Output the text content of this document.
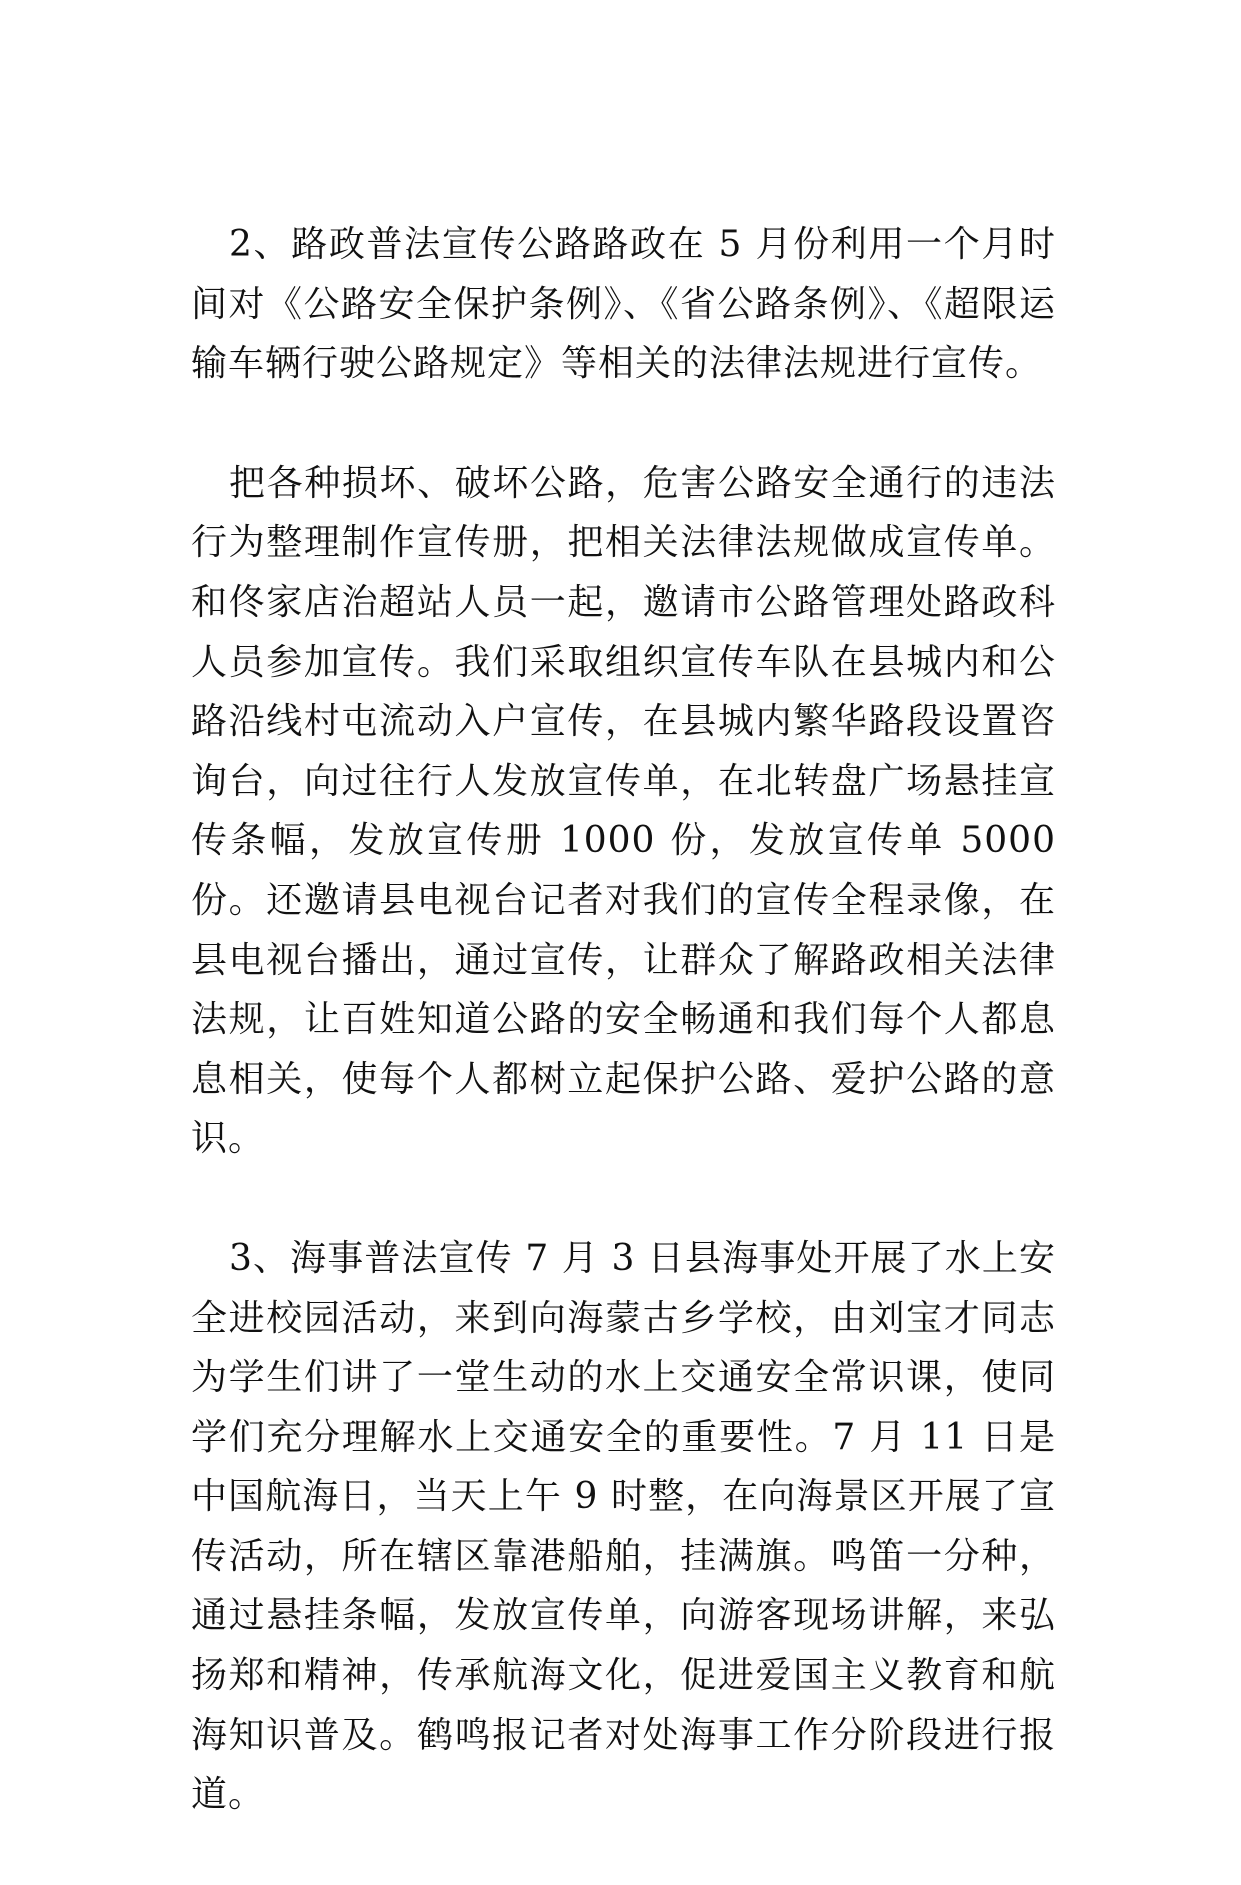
2、路政普法宣传公路路政在 5 月份利用一个月时间对《公路安全保护条例》、《省公路条例》、《超限运输车辆行驶公路规定》等相关的法律法规进行宣传。

把各种损坏、破坏公路，危害公路安全通行的违法行为整理制作宣传册，把相关法律法规做成宣传单。和佟家店治超站人员一起，邀请市公路管理处路政科人员参加宣传。我们采取组织宣传车队在县城内和公路沿线村屯流动入户宣传，在县城内繁华路段设置咨询台，向过往行人发放宣传单，在北转盘广场悬挂宣传条幅，发放宣传册 1000 份，发放宣传单 5000 份。还邀请县电视台记者对我们的宣传全程录像，在县电视台播出，通过宣传，让群众了解路政相关法律法规，让百姓知道公路的安全畅通和我们每个人都息息相关，使每个人都树立起保护公路、爱护公路的意识。

3、海事普法宣传 7 月 3 日县海事处开展了水上安全进校园活动，来到向海蒙古乡学校，由刘宝才同志为学生们讲了一堂生动的水上交通安全常识课，使同学们充分理解水上交通安全的重要性。7 月 11 日是中国航海日，当天上午 9 时整，在向海景区开展了宣传活动，所在辖区靠港船舶，挂满旗。鸣笛一分种，通过悬挂条幅，发放宣传单，向游客现场讲解，来弘扬郑和精神，传承航海文化，促进爱国主义教育和航海知识普及。鹤鸣报记者对处海事工作分阶段进行报道。
